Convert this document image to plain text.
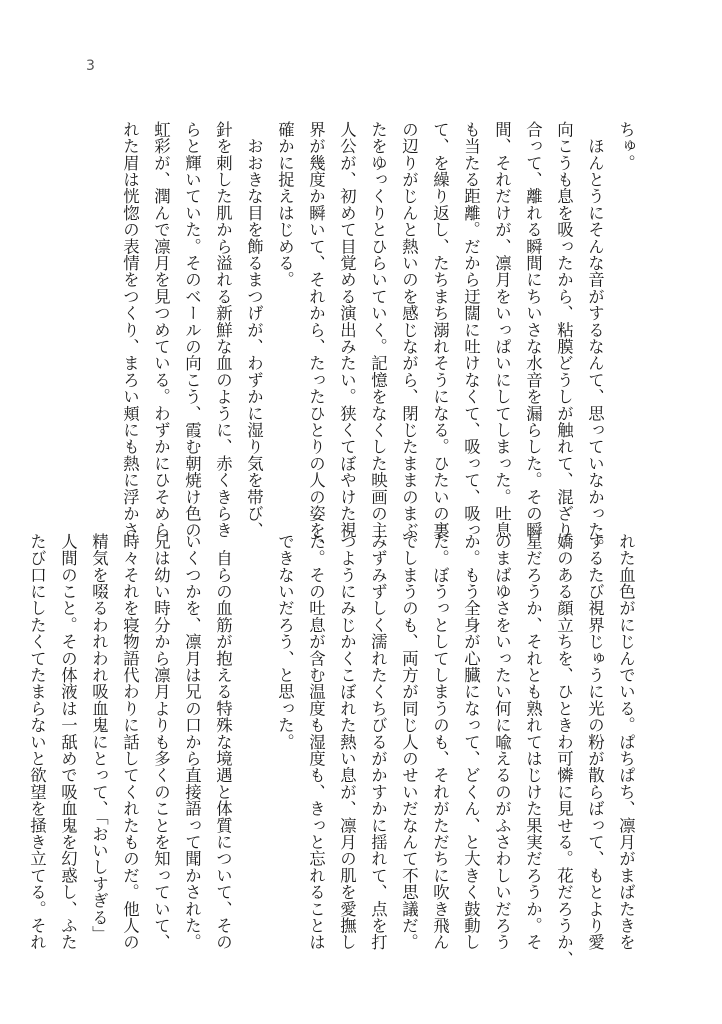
3
ちゅ。
　ほんとうにそんな音がするなんて、思っていなかった。
向こうも息を吸ったから、粘膜どうしが触れて、混ざり
合って、離れる瞬間にちいさな水音を漏らした。その瞬
間、それだけが、凛月をいっぱいにしてしまった。吐息
も当たる距離。だから迂闊に吐けなくて、吸って、吸っ
て、を繰り返し、たちまち溺れそうになる。ひたいの裏
の辺りがじんと熱いのを感じながら、閉じたままのまぶ
たをゆっくりとひらいていく。記憶をなくした映画の主
人公が、初めて目覚める演出みたい。狭くてぼやけた視
界が幾度か瞬いて、それから、たったひとりの人の姿を、
確かに捉えはじめる。
　おおきな目を飾るまつげが、わずかに湿り気を帯び、
針を刺した肌から溢れる新鮮な血のように、赤くきらき
らと輝いていた。そのベールの向こう、霞む朝焼け色の
虹彩が、潤んで凛月を見つめている。わずかにひそめら
れた眉は恍惚の表情をつくり、まろい頬にも熱に浮かさ
れた血色がにじんでいる。ぱちぱち、凛月がまばたきを
するたび視界じゅうに光の粉が散らばって、もとより愛
嬌のある顔立ちを、ひときわ可憐に見せる。花だろうか、
星だろうか、それとも熟れてはじけた果実だろうか。そ
のまばゆさをいったい何に喩えるのがふさわしいだろう
か。もう全身が心臓になって、どくん、と大きく鼓動し
た。ぼうっとしてしまうのも、それがただちに吹き飛ん
でしまうのも、両方が同じ人のせいだなんて不思議だ。
みずみずしく濡れたくちびるがかすかに揺れて、点を打
つようにみじかくこぼれた熱い息が、凛月の肌を愛撫し
た。その吐息が含む温度も湿度も、きっと忘れることは
できないだろう、と思った。
　自らの血筋が抱える特殊な境遇と体質について、その
いくつかを、凛月は兄の口から直接語って聞かされた。
兄は幼い時分から凛月よりも多くのことを知っていて、
時々それを寝物語代わりに話してくれたものだ。他人の
精気を啜るわれわれ吸血鬼にとって、「おいしすぎる」
人間のこと。その体液は一舐めで吸血鬼を幻惑し、ふた
たび口にしたくてたまらないと欲望を掻き立てる。それ
